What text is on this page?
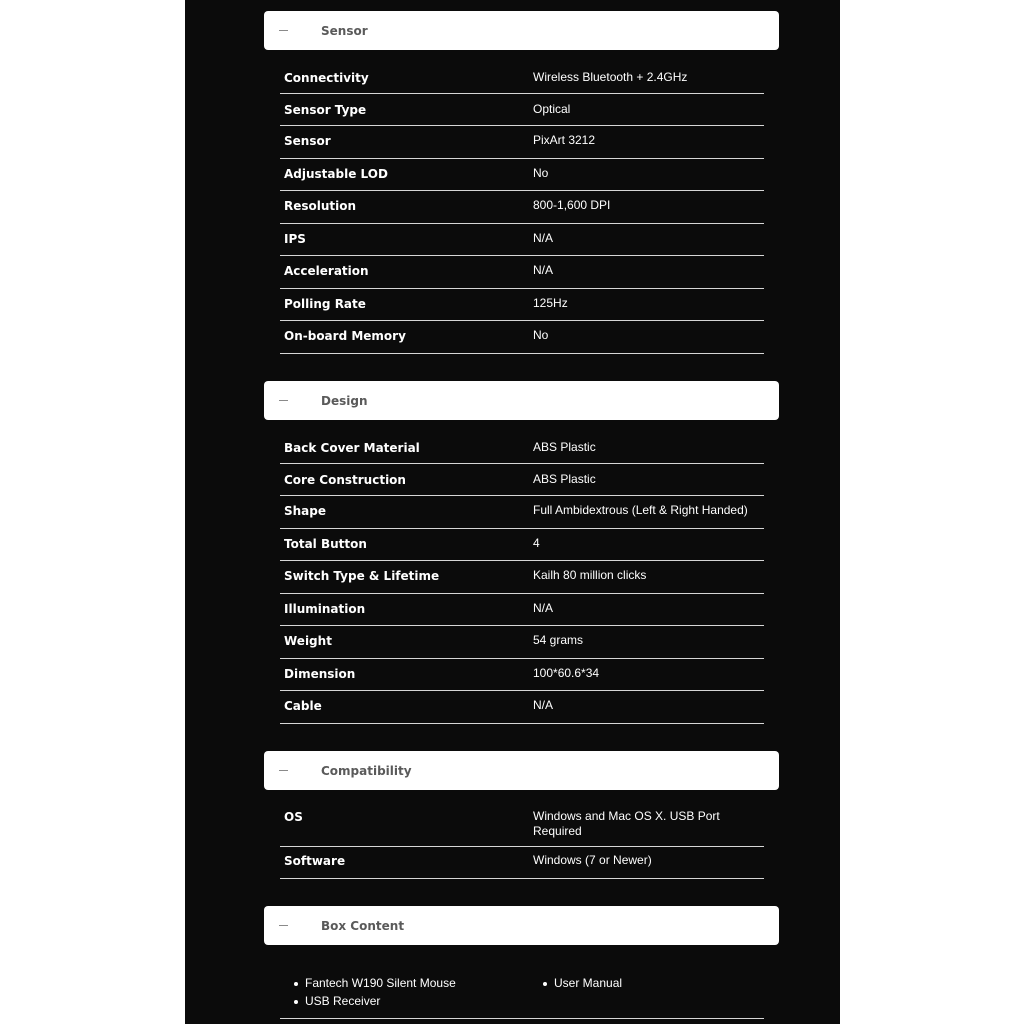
Sensor
Connectivity	Wireless Bluetooth + 2.4GHz
Sensor Type	Optical
Sensor	PixArt 3212
Adjustable LOD	No
Resolution	800-1,600 DPI
IPS	N/A
Acceleration	N/A
Polling Rate	125Hz
On-board Memory	No
Design
Back Cover Material	ABS Plastic
Core Construction	ABS Plastic
Shape	Full Ambidextrous (Left & Right Handed)
Total Button	4
Switch Type & Lifetime	Kailh 80 million clicks
Illumination	N/A
Weight	54 grams
Dimension	100*60.6*34
Cable	N/A
Compatibility
OS	Windows and Mac OS X. USB Port Required
Software	Windows (7 or Newer)
Box Content
Fantech W190 Silent Mouse
USB Receiver
User Manual
